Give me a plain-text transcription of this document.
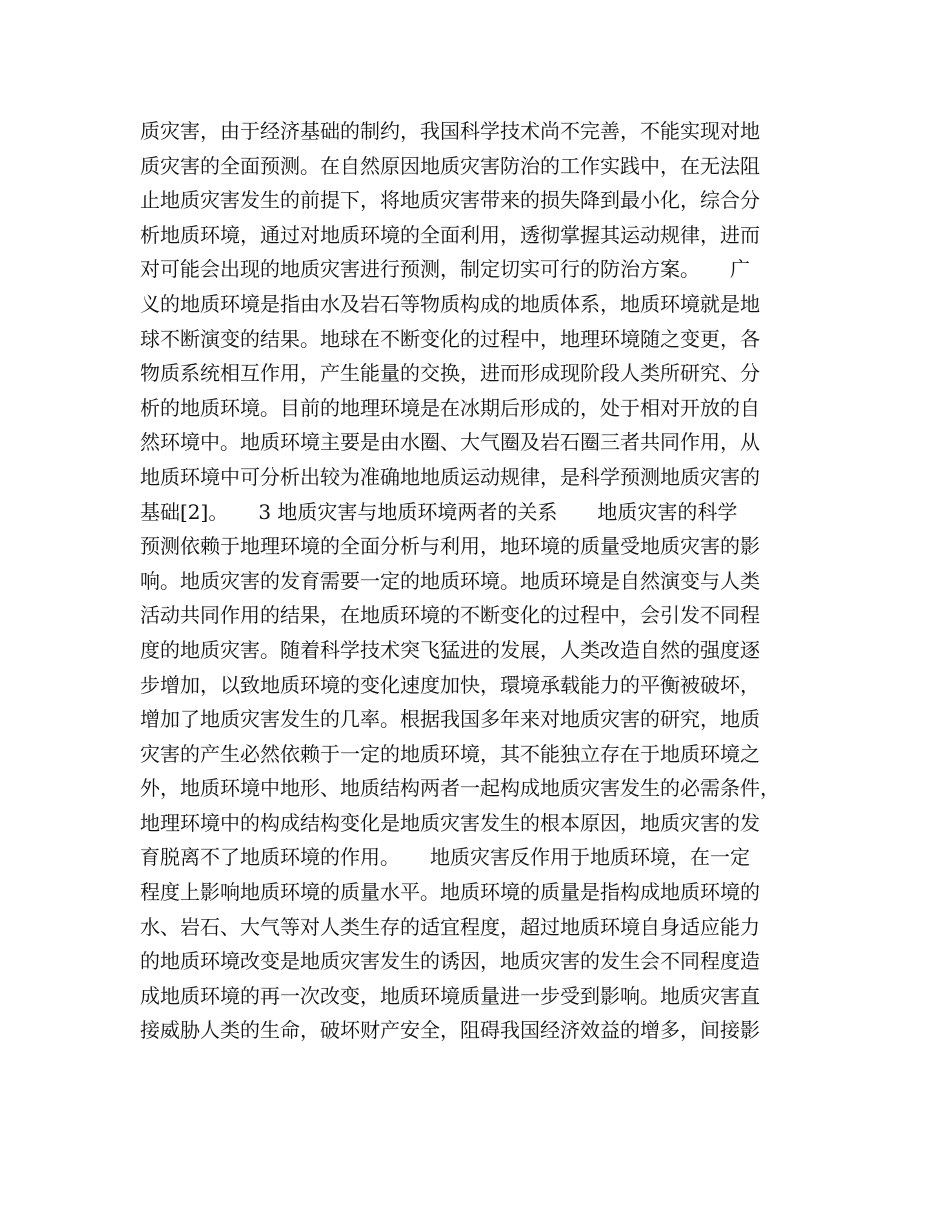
质灾害，由于经济基础的制约，我国科学技术尚不完善，不能实现对地
质灾害的全面预测。在自然原因地质灾害防治的工作实践中，在无法阻
止地质灾害发生的前提下，将地质灾害带来的损失降到最小化，综合分
析地质环境，通过对地质环境的全面利用，透彻掌握其运动规律，进而
对可能会出现的地质灾害进行预测，制定切实可行的防治方案。　　广
义的地质环境是指由水及岩石等物质构成的地质体系，地质环境就是地
球不断演变的结果。地球在不断变化的过程中，地理环境随之变更，各
物质系统相互作用，产生能量的交换，进而形成现阶段人类所研究、分
析的地质环境。目前的地理环境是在冰期后形成的，处于相对开放的自
然环境中。地质环境主要是由水圈、大气圈及岩石圈三者共同作用，从
地质环境中可分析出较为准确地地质运动规律，是科学预测地质灾害的
基础[2]。　　3 地质灾害与地质环境两者的关系　　地质灾害的科学
预测依赖于地理环境的全面分析与利用，地环境的质量受地质灾害的影
响。地质灾害的发育需要一定的地质环境。地质环境是自然演变与人类
活动共同作用的结果，在地质环境的不断变化的过程中，会引发不同程
度的地质灾害。随着科学技术突飞猛进的发展，人类改造自然的强度逐
步增加，以致地质环境的变化速度加快，環境承载能力的平衡被破坏，
增加了地质灾害发生的几率。根据我国多年来对地质灾害的研究，地质
灾害的产生必然依赖于一定的地质环境，其不能独立存在于地质环境之
外，地质环境中地形、地质结构两者一起构成地质灾害发生的必需条件，
地理环境中的构成结构变化是地质灾害发生的根本原因，地质灾害的发
育脱离不了地质环境的作用。　　地质灾害反作用于地质环境，在一定
程度上影响地质环境的质量水平。地质环境的质量是指构成地质环境的
水、岩石、大气等对人类生存的适宜程度，超过地质环境自身适应能力
的地质环境改变是地质灾害发生的诱因，地质灾害的发生会不同程度造
成地质环境的再一次改变，地质环境质量进一步受到影响。地质灾害直
接威胁人类的生命，破坏财产安全，阻碍我国经济效益的增多，间接影
